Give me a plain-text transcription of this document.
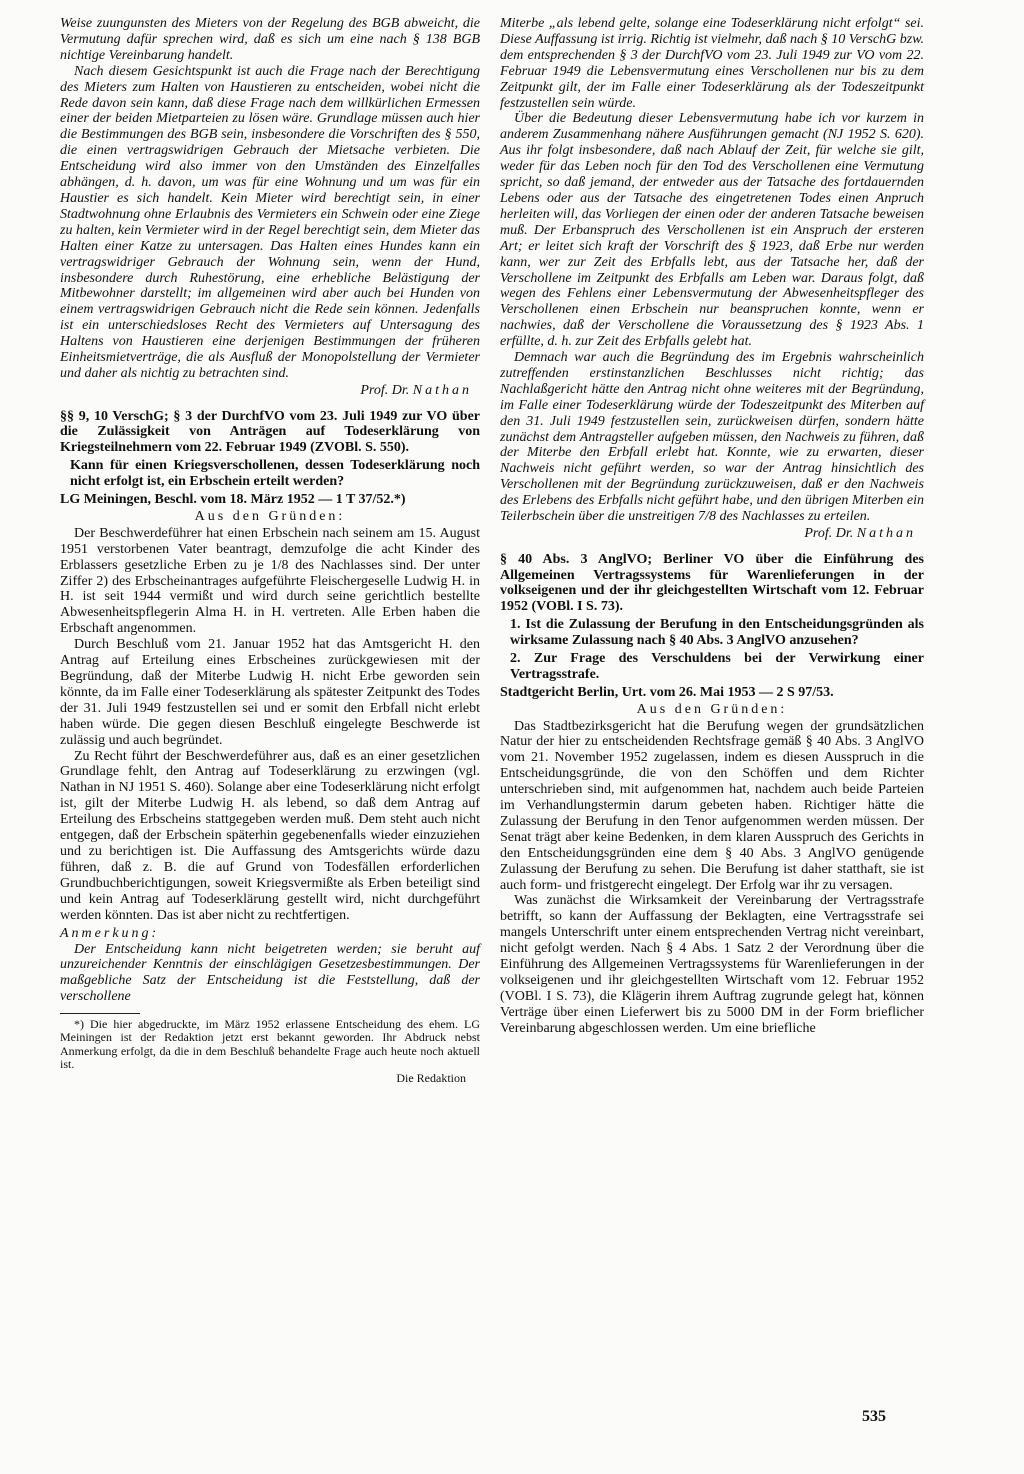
Weise zuungunsten des Mieters von der Regelung des BGB abweicht, die Vermutung dafür sprechen wird, daß es sich um eine nach § 138 BGB nichtige Vereinbarung handelt.

Nach diesem Gesichtspunkt ist auch die Frage nach der Berechtigung des Mieters zum Halten von Haustieren zu entscheiden, wobei nicht die Rede davon sein kann, daß diese Frage nach dem willkürlichen Ermessen einer der beiden Mietparteien zu lösen wäre. Grundlage müssen auch hier die Bestimmungen des BGB sein, insbesondere die Vorschriften des § 550, die einen vertragswidrigen Gebrauch der Mietsache verbieten. Die Entscheidung wird also immer von den Umständen des Einzelfalles abhängen, d. h. davon, um was für eine Wohnung und um was für ein Haustier es sich handelt. Kein Mieter wird berechtigt sein, in einer Stadtwohnung ohne Erlaubnis des Vermieters ein Schwein oder eine Ziege zu halten, kein Vermieter wird in der Regel berechtigt sein, dem Mieter das Halten einer Katze zu untersagen. Das Halten eines Hundes kann ein vertragswidriger Gebrauch der Wohnung sein, wenn der Hund, insbesondere durch Ruhestörung, eine erhebliche Belästigung der Mitbewohner darstellt; im allgemeinen wird aber auch bei Hunden von einem vertragswidrigen Gebrauch nicht die Rede sein können. Jedenfalls ist ein unterschiedsloses Recht des Vermieters auf Untersagung des Haltens von Haustieren eine derjenigen Bestimmungen der früheren Einheitsmietverträge, die als Ausfluß der Monopolstellung der Vermieter und daher als nichtig zu betrachten sind.

Prof. Dr. Nathan

§§ 9, 10 VerschG; § 3 der DurchfVO vom 23. Juli 1949 zur VO über die Zulässigkeit von Anträgen auf Todeserklärung von Kriegsteilnehmern vom 22. Februar 1949 (ZVOBl. S. 550).

Kann für einen Kriegsverschollenen, dessen Todeserklärung noch nicht erfolgt ist, ein Erbschein erteilt werden?

LG Meiningen, Beschl. vom 18. März 1952 — 1 T 37/52.*)

Aus den Gründen:

Der Beschwerdeführer hat einen Erbschein nach seinem am 15. August 1951 verstorbenen Vater beantragt, demzufolge die acht Kinder des Erblassers gesetzliche Erben zu je 1/8 des Nachlasses sind. Der unter Ziffer 2) des Erbscheinantrages aufgeführte Fleischergeselle Ludwig H. in H. ist seit 1944 vermißt und wird durch seine gerichtlich bestellte Abwesenheitspflegerin Alma H. in H. vertreten. Alle Erben haben die Erbschaft angenommen.

Durch Beschluß vom 21. Januar 1952 hat das Amtsgericht H. den Antrag auf Erteilung eines Erbscheines zurückgewiesen mit der Begründung, daß der Miterbe Ludwig H. nicht Erbe geworden sein könnte, da im Falle einer Todeserklärung als spätester Zeitpunkt des Todes der 31. Juli 1949 festzustellen sei und er somit den Erbfall nicht erlebt haben würde. Die gegen diesen Beschluß eingelegte Beschwerde ist zulässig und auch begründet.

Zu Recht führt der Beschwerdeführer aus, daß es an einer gesetzlichen Grundlage fehlt, den Antrag auf Todeserklärung zu erzwingen (vgl. Nathan in NJ 1951 S. 460). Solange aber eine Todeserklärung nicht erfolgt ist, gilt der Miterbe Ludwig H. als lebend, so daß dem Antrag auf Erteilung des Erbscheins stattgegeben werden muß. Dem steht auch nicht entgegen, daß der Erbschein späterhin gegebenenfalls wieder einzuziehen und zu berichtigen ist. Die Auffassung des Amtsgerichts würde dazu führen, daß z. B. die auf Grund von Todesfällen erforderlichen Grundbuchberichtigungen, soweit Kriegsvermißte als Erben beteiligt sind und kein Antrag auf Todeserklärung gestellt wird, nicht durchgeführt werden könnten. Das ist aber nicht zu rechtfertigen.

Anmerkung:

Der Entscheidung kann nicht beigetreten werden; sie beruht auf unzureichender Kenntnis der einschlägigen Gesetzesbestimmungen. Der maßgebliche Satz der Entscheidung ist die Feststellung, daß der verschollene

*) Die hier abgedruckte, im März 1952 erlassene Entscheidung des ehem. LG Meiningen ist der Redaktion jetzt erst bekannt geworden. Ihr Abdruck nebst Anmerkung erfolgt, da die in dem Beschluß behandelte Frage auch heute noch aktuell ist.

Die Redaktion

Miterbe „als lebend gelte, solange eine Todeserklärung nicht erfolgt“ sei. Diese Auffassung ist irrig. Richtig ist vielmehr, daß nach § 10 VerschG bzw. dem entsprechenden § 3 der DurchfVO vom 23. Juli 1949 zur VO vom 22. Februar 1949 die Lebensvermutung eines Verschollenen nur bis zu dem Zeitpunkt gilt, der im Falle einer Todeserklärung als der Todeszeitpunkt festzustellen sein würde.

Über die Bedeutung dieser Lebensvermutung habe ich vor kurzem in anderem Zusammenhang nähere Ausführungen gemacht (NJ 1952 S. 620). Aus ihr folgt insbesondere, daß nach Ablauf der Zeit, für welche sie gilt, weder für das Leben noch für den Tod des Verschollenen eine Vermutung spricht, so daß jemand, der entweder aus der Tatsache des fortdauernden Lebens oder aus der Tatsache des eingetretenen Todes einen Anpruch herleiten will, das Vorliegen der einen oder der anderen Tatsache beweisen muß. Der Erbanspruch des Verschollenen ist ein Anspruch der ersteren Art; er leitet sich kraft der Vorschrift des § 1923, daß Erbe nur werden kann, wer zur Zeit des Erbfalls lebt, aus der Tatsache her, daß der Verschollene im Zeitpunkt des Erbfalls am Leben war. Daraus folgt, daß wegen des Fehlens einer Lebensvermutung der Abwesenheitspfleger des Verschollenen einen Erbschein nur beanspruchen konnte, wenn er nachwies, daß der Verschollene die Voraussetzung des § 1923 Abs. 1 erfüllte, d. h. zur Zeit des Erbfalls gelebt hat.

Demnach war auch die Begründung des im Ergebnis wahrscheinlich zutreffenden erstinstanzlichen Beschlusses nicht richtig; das Nachlaßgericht hätte den Antrag nicht ohne weiteres mit der Begründung, im Falle einer Todeserklärung würde der Todeszeitpunkt des Miterben auf den 31. Juli 1949 festzustellen sein, zurückweisen dürfen, sondern hätte zunächst dem Antragsteller aufgeben müssen, den Nachweis zu führen, daß der Miterbe den Erbfall erlebt hat. Konnte, wie zu erwarten, dieser Nachweis nicht geführt werden, so war der Antrag hinsichtlich des Verschollenen mit der Begründung zurückzuweisen, daß er den Nachweis des Erlebens des Erbfalls nicht geführt habe, und den übrigen Miterben ein Teilerbschein über die unstreitigen 7/8 des Nachlasses zu erteilen.

Prof. Dr. Nathan

§ 40 Abs. 3 AnglVO; Berliner VO über die Einführung des Allgemeinen Vertragssystems für Warenlieferungen in der volkseigenen und der ihr gleichgestellten Wirtschaft vom 12. Februar 1952 (VOBl. I S. 73).

1. Ist die Zulassung der Berufung in den Entscheidungsgründen als wirksame Zulassung nach § 40 Abs. 3 AnglVO anzusehen?

2. Zur Frage des Verschuldens bei der Verwirkung einer Vertragsstrafe.

Stadtgericht Berlin, Urt. vom 26. Mai 1953 — 2 S 97/53.

Aus den Gründen:

Das Stadtbezirksgericht hat die Berufung wegen der grundsätzlichen Natur der hier zu entscheidenden Rechtsfrage gemäß § 40 Abs. 3 AnglVO vom 21. November 1952 zugelassen, indem es diesen Ausspruch in die Entscheidungsgründe, die von den Schöffen und dem Richter unterschrieben sind, mit aufgenommen hat, nachdem auch beide Parteien im Verhandlungstermin darum gebeten haben. Richtiger hätte die Zulassung der Berufung in den Tenor aufgenommen werden müssen. Der Senat trägt aber keine Bedenken, in dem klaren Ausspruch des Gerichts in den Entscheidungsgründen eine dem § 40 Abs. 3 AnglVO genügende Zulassung der Berufung zu sehen. Die Berufung ist daher statthaft, sie ist auch form- und fristgerecht eingelegt. Der Erfolg war ihr zu versagen.

Was zunächst die Wirksamkeit der Vereinbarung der Vertragsstrafe betrifft, so kann der Auffassung der Beklagten, eine Vertragsstrafe sei mangels Unterschrift unter einem entsprechenden Vertrag nicht vereinbart, nicht gefolgt werden. Nach § 4 Abs. 1 Satz 2 der Verordnung über die Einführung des Allgemeinen Vertragssystems für Warenlieferungen in der volkseigenen und ihr gleichgestellten Wirtschaft vom 12. Februar 1952 (VOBl. I S. 73), die Klägerin ihrem Auftrag zugrunde gelegt hat, können Verträge über einen Lieferwert bis zu 5000 DM in der Form brieflicher Vereinbarung abgeschlossen werden. Um eine briefliche

535
